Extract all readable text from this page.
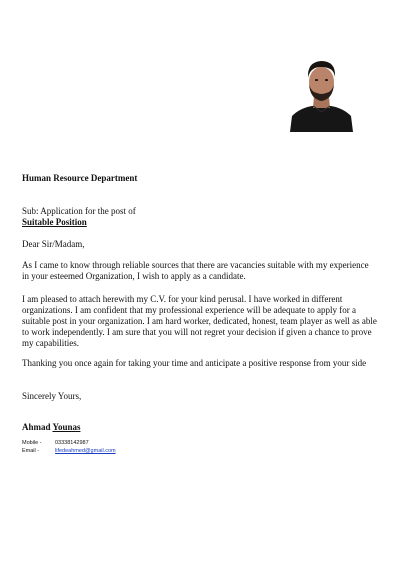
Human Resource Department
Sub: Application for the post of
Suitable Position
Dear Sir/Madam,
As I came to know through reliable sources that there are vacancies suitable with my experience in your esteemed Organization, I wish to apply as a candidate.
I am pleased to attach herewith my C.V. for your kind perusal. I have worked in different organizations. I am confident that my professional experience will be adequate to apply for a suitable post in your organization. I am hard worker, dedicated, honest, team player as well as able to work independently. I am sure that you will not regret your decision if given a chance to prove my capabilities.
Thanking you once again for taking your time and anticipate a positive response from your side
Sincerely Yours,
Ahmad Younas
Mobile - 03338142987
Email -	lifedeahmed@gmail.com
